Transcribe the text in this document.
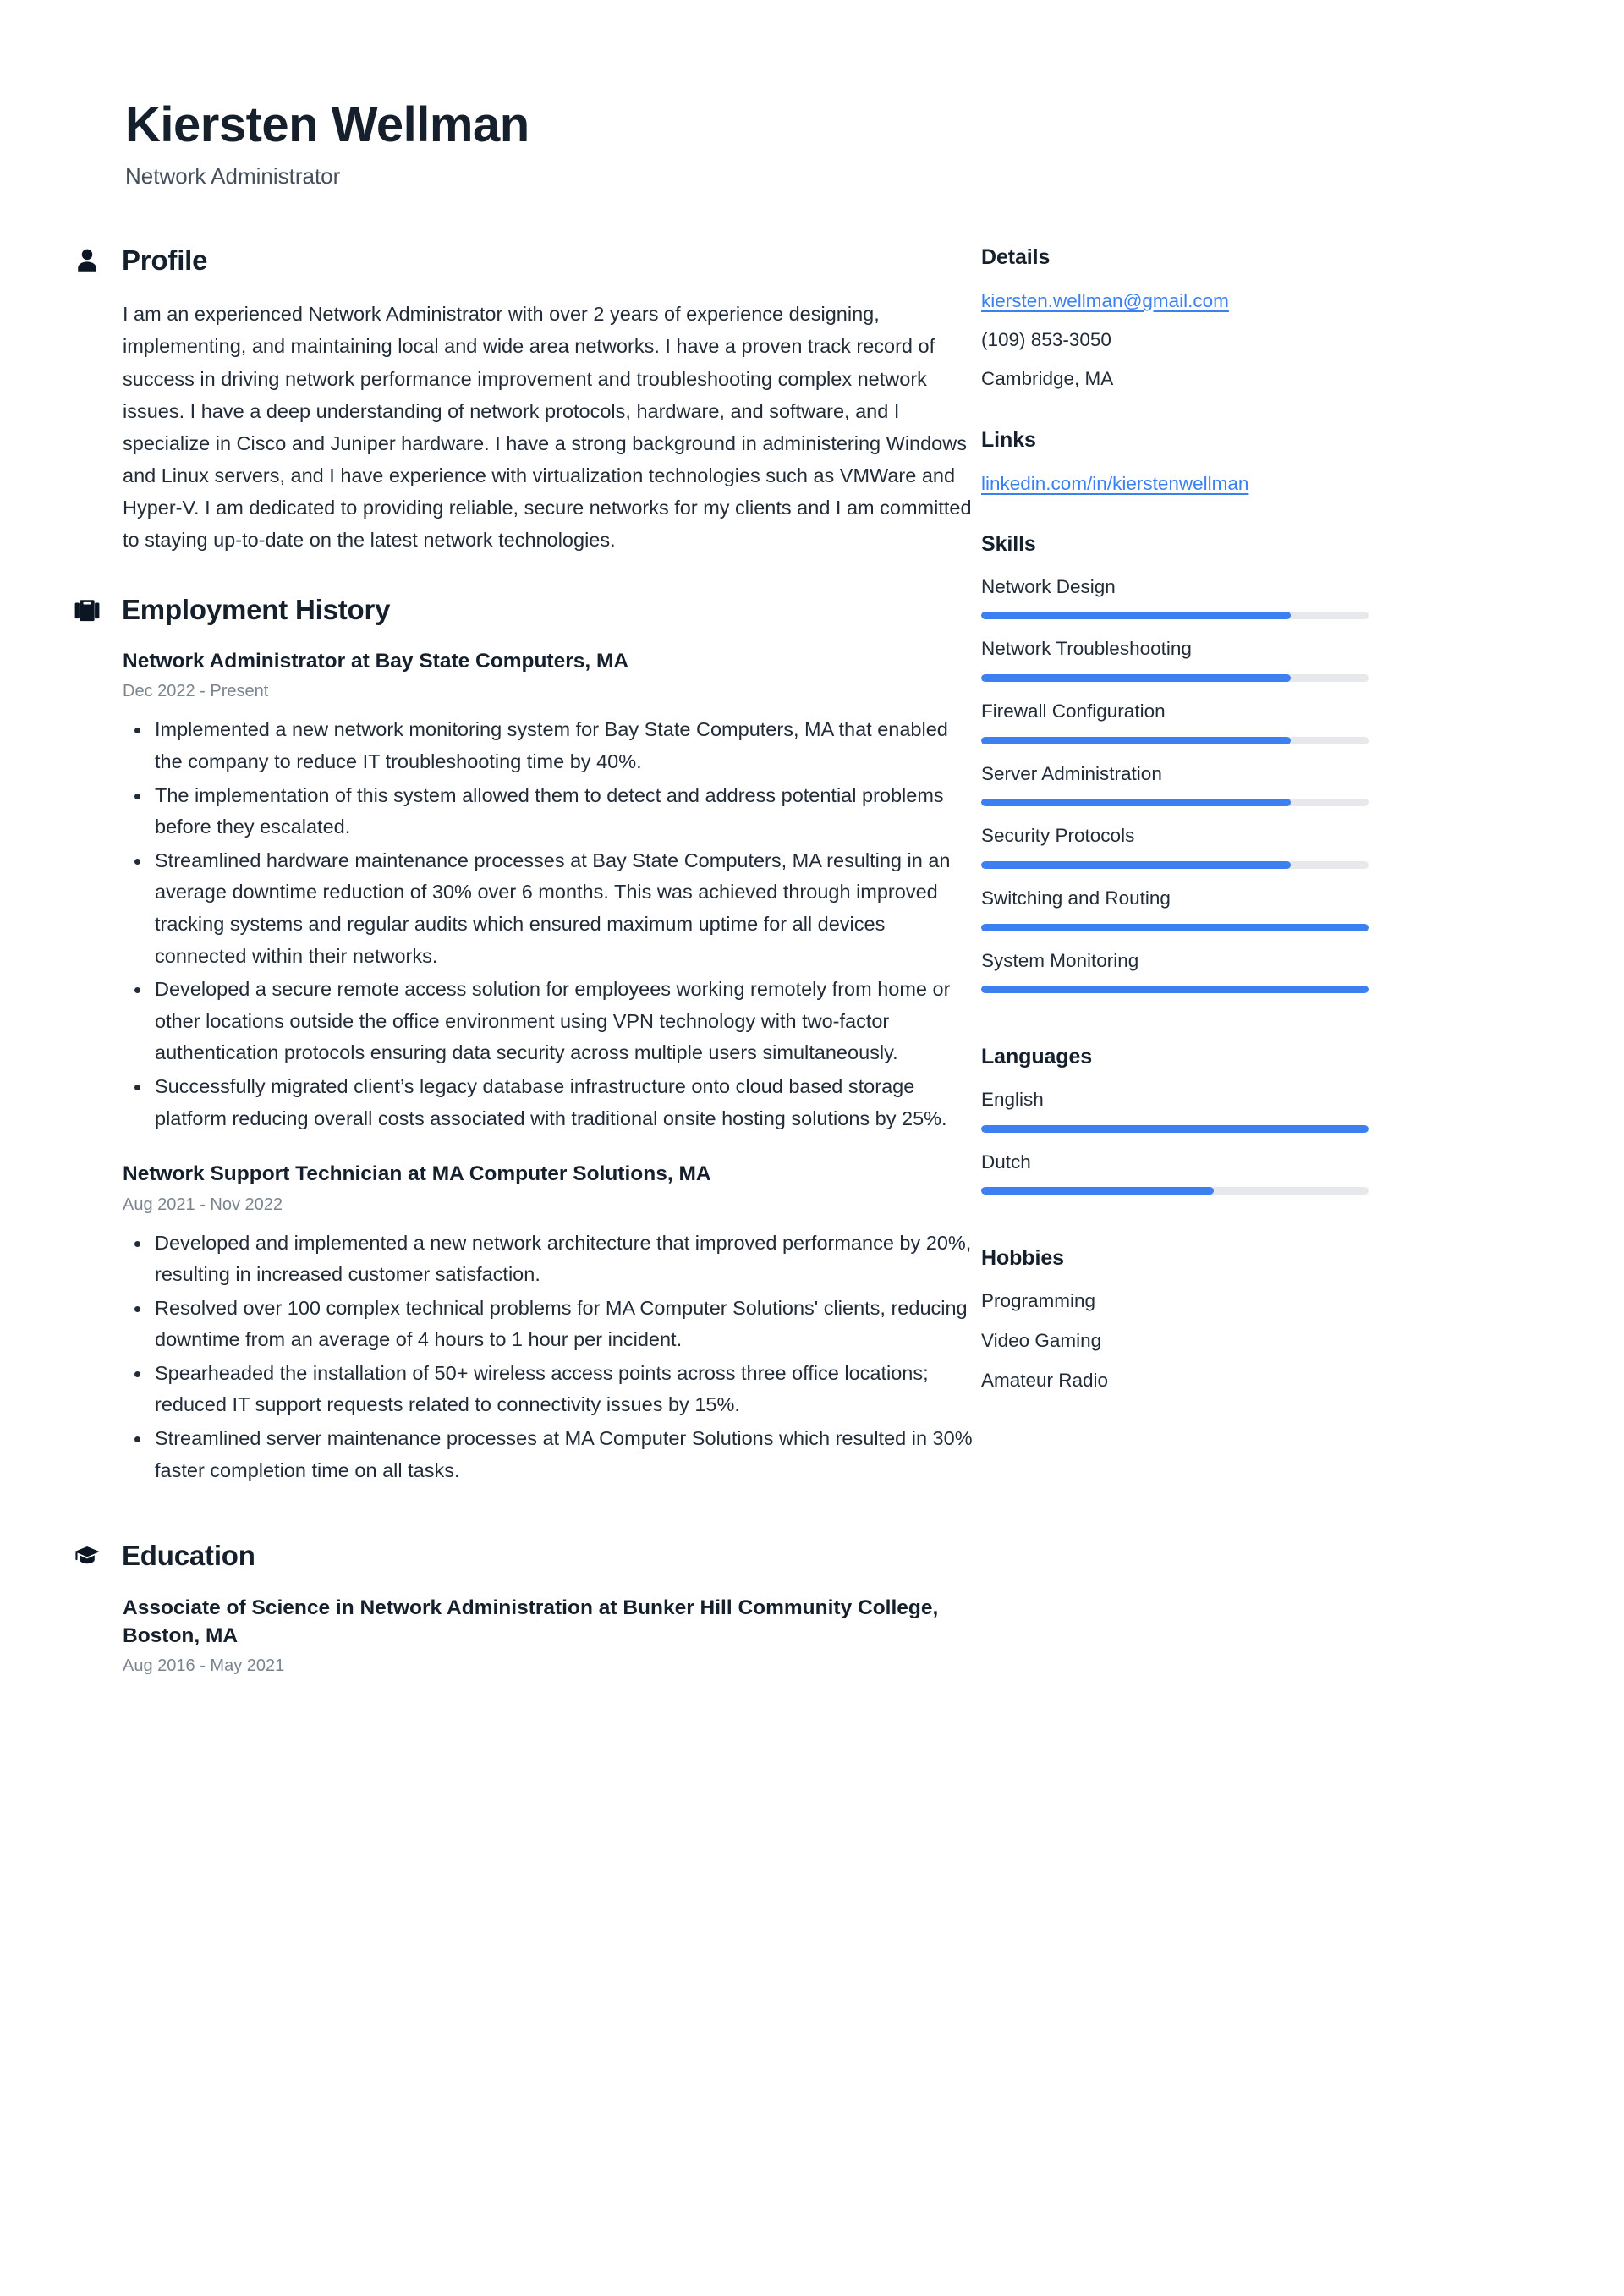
Kiersten Wellman
Network Administrator
Profile

I am an experienced Network Administrator with over 2 years of experience designing, implementing, and maintaining local and wide area networks. I have a proven track record of success in driving network performance improvement and troubleshooting complex network issues. I have a deep understanding of network protocols, hardware, and software, and I specialize in Cisco and Juniper hardware. I have a strong background in administering Windows and Linux servers, and I have experience with virtualization technologies such as VMWare and Hyper-V. I am dedicated to providing reliable, secure networks for my clients and I am committed to staying up-to-date on the latest network technologies.

Employment History
Network Administrator at Bay State Computers, MA
Dec 2022 - Present
Implemented a new network monitoring system for Bay State Computers, MA that enabled the company to reduce IT troubleshooting time by 40%.
The implementation of this system allowed them to detect and address potential problems before they escalated.
Streamlined hardware maintenance processes at Bay State Computers, MA resulting in an average downtime reduction of 30% over 6 months. This was achieved through improved tracking systems and regular audits which ensured maximum uptime for all devices connected within their networks.
Developed a secure remote access solution for employees working remotely from home or other locations outside the office environment using VPN technology with two-factor authentication protocols ensuring data security across multiple users simultaneously.
Successfully migrated client’s legacy database infrastructure onto cloud based storage platform reducing overall costs associated with traditional onsite hosting solutions by 25%.
Network Support Technician at MA Computer Solutions, MA
Aug 2021 - Nov 2022
Developed and implemented a new network architecture that improved performance by 20%, resulting in increased customer satisfaction.
Resolved over 100 complex technical problems for MA Computer Solutions' clients, reducing downtime from an average of 4 hours to 1 hour per incident.
Spearheaded the installation of 50+ wireless access points across three office locations; reduced IT support requests related to connectivity issues by 15%.
Streamlined server maintenance processes at MA Computer Solutions which resulted in 30% faster completion time on all tasks.
Education
Associate of Science in Network Administration at Bunker Hill Community College, Boston, MA
Aug 2016 - May 2021
Details
kiersten.wellman@gmail.com
(109) 853-3050
Cambridge, MA
Links
linkedin.com/in/kierstenwellman
Skills
Network Design
Network Troubleshooting
Firewall Configuration
Server Administration
Security Protocols
Switching and Routing
System Monitoring
Languages
English
Dutch
Hobbies
Programming
Video Gaming
Amateur Radio
